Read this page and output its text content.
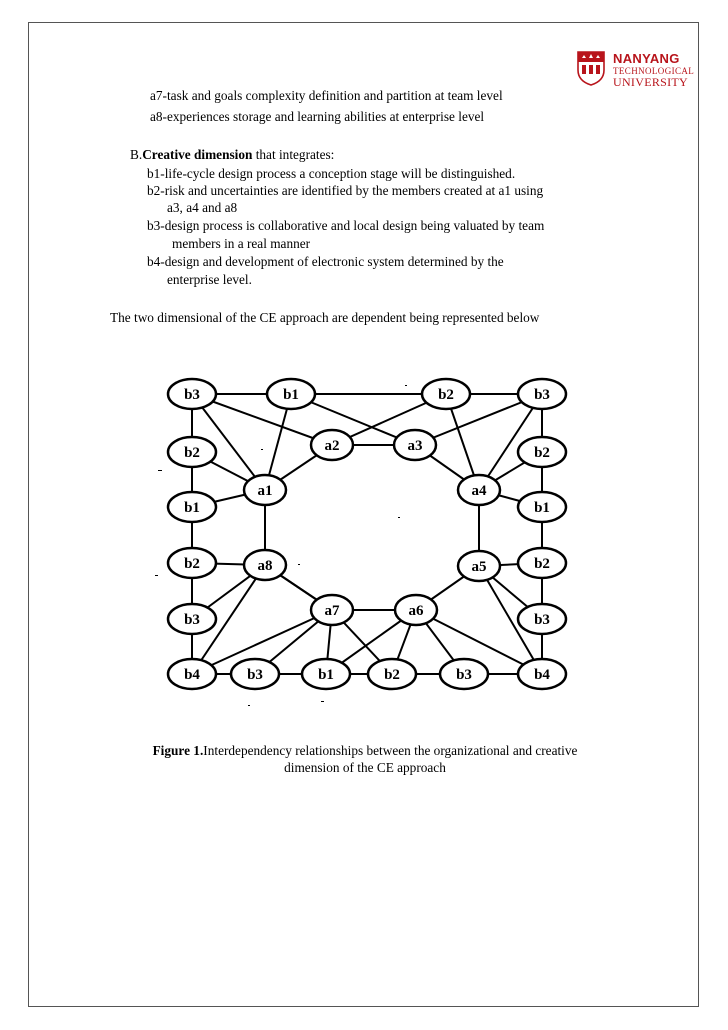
NANYANG
TECHNOLOGICAL
UNIVERSITY
a7-task and goals complexity definition and partition at team level
a8-experiences storage and learning abilities at enterprise level
B.Creative dimension that integrates:
b1-life-cycle design process a conception stage will be distinguished.
b2-risk and uncertainties are identified by the members created at a1 using
a3, a4 and a8
b3-design process is collaborative and local design being valuated by team
members in a real manner
b4-design and development of electronic system determined by the
enterprise level.
The two dimensional of the CE approach are dependent being represented below
b3	b1	b2	b3
b2
b1
b2
b3
b4
b2
b1
b2
b3
b4
b3	b1	b2	b3
a1
a2	a3
a4
a5
a6
a7
a8
Figure 1.Interdependency relationships between the organizational and creative
dimension of the CE approach
